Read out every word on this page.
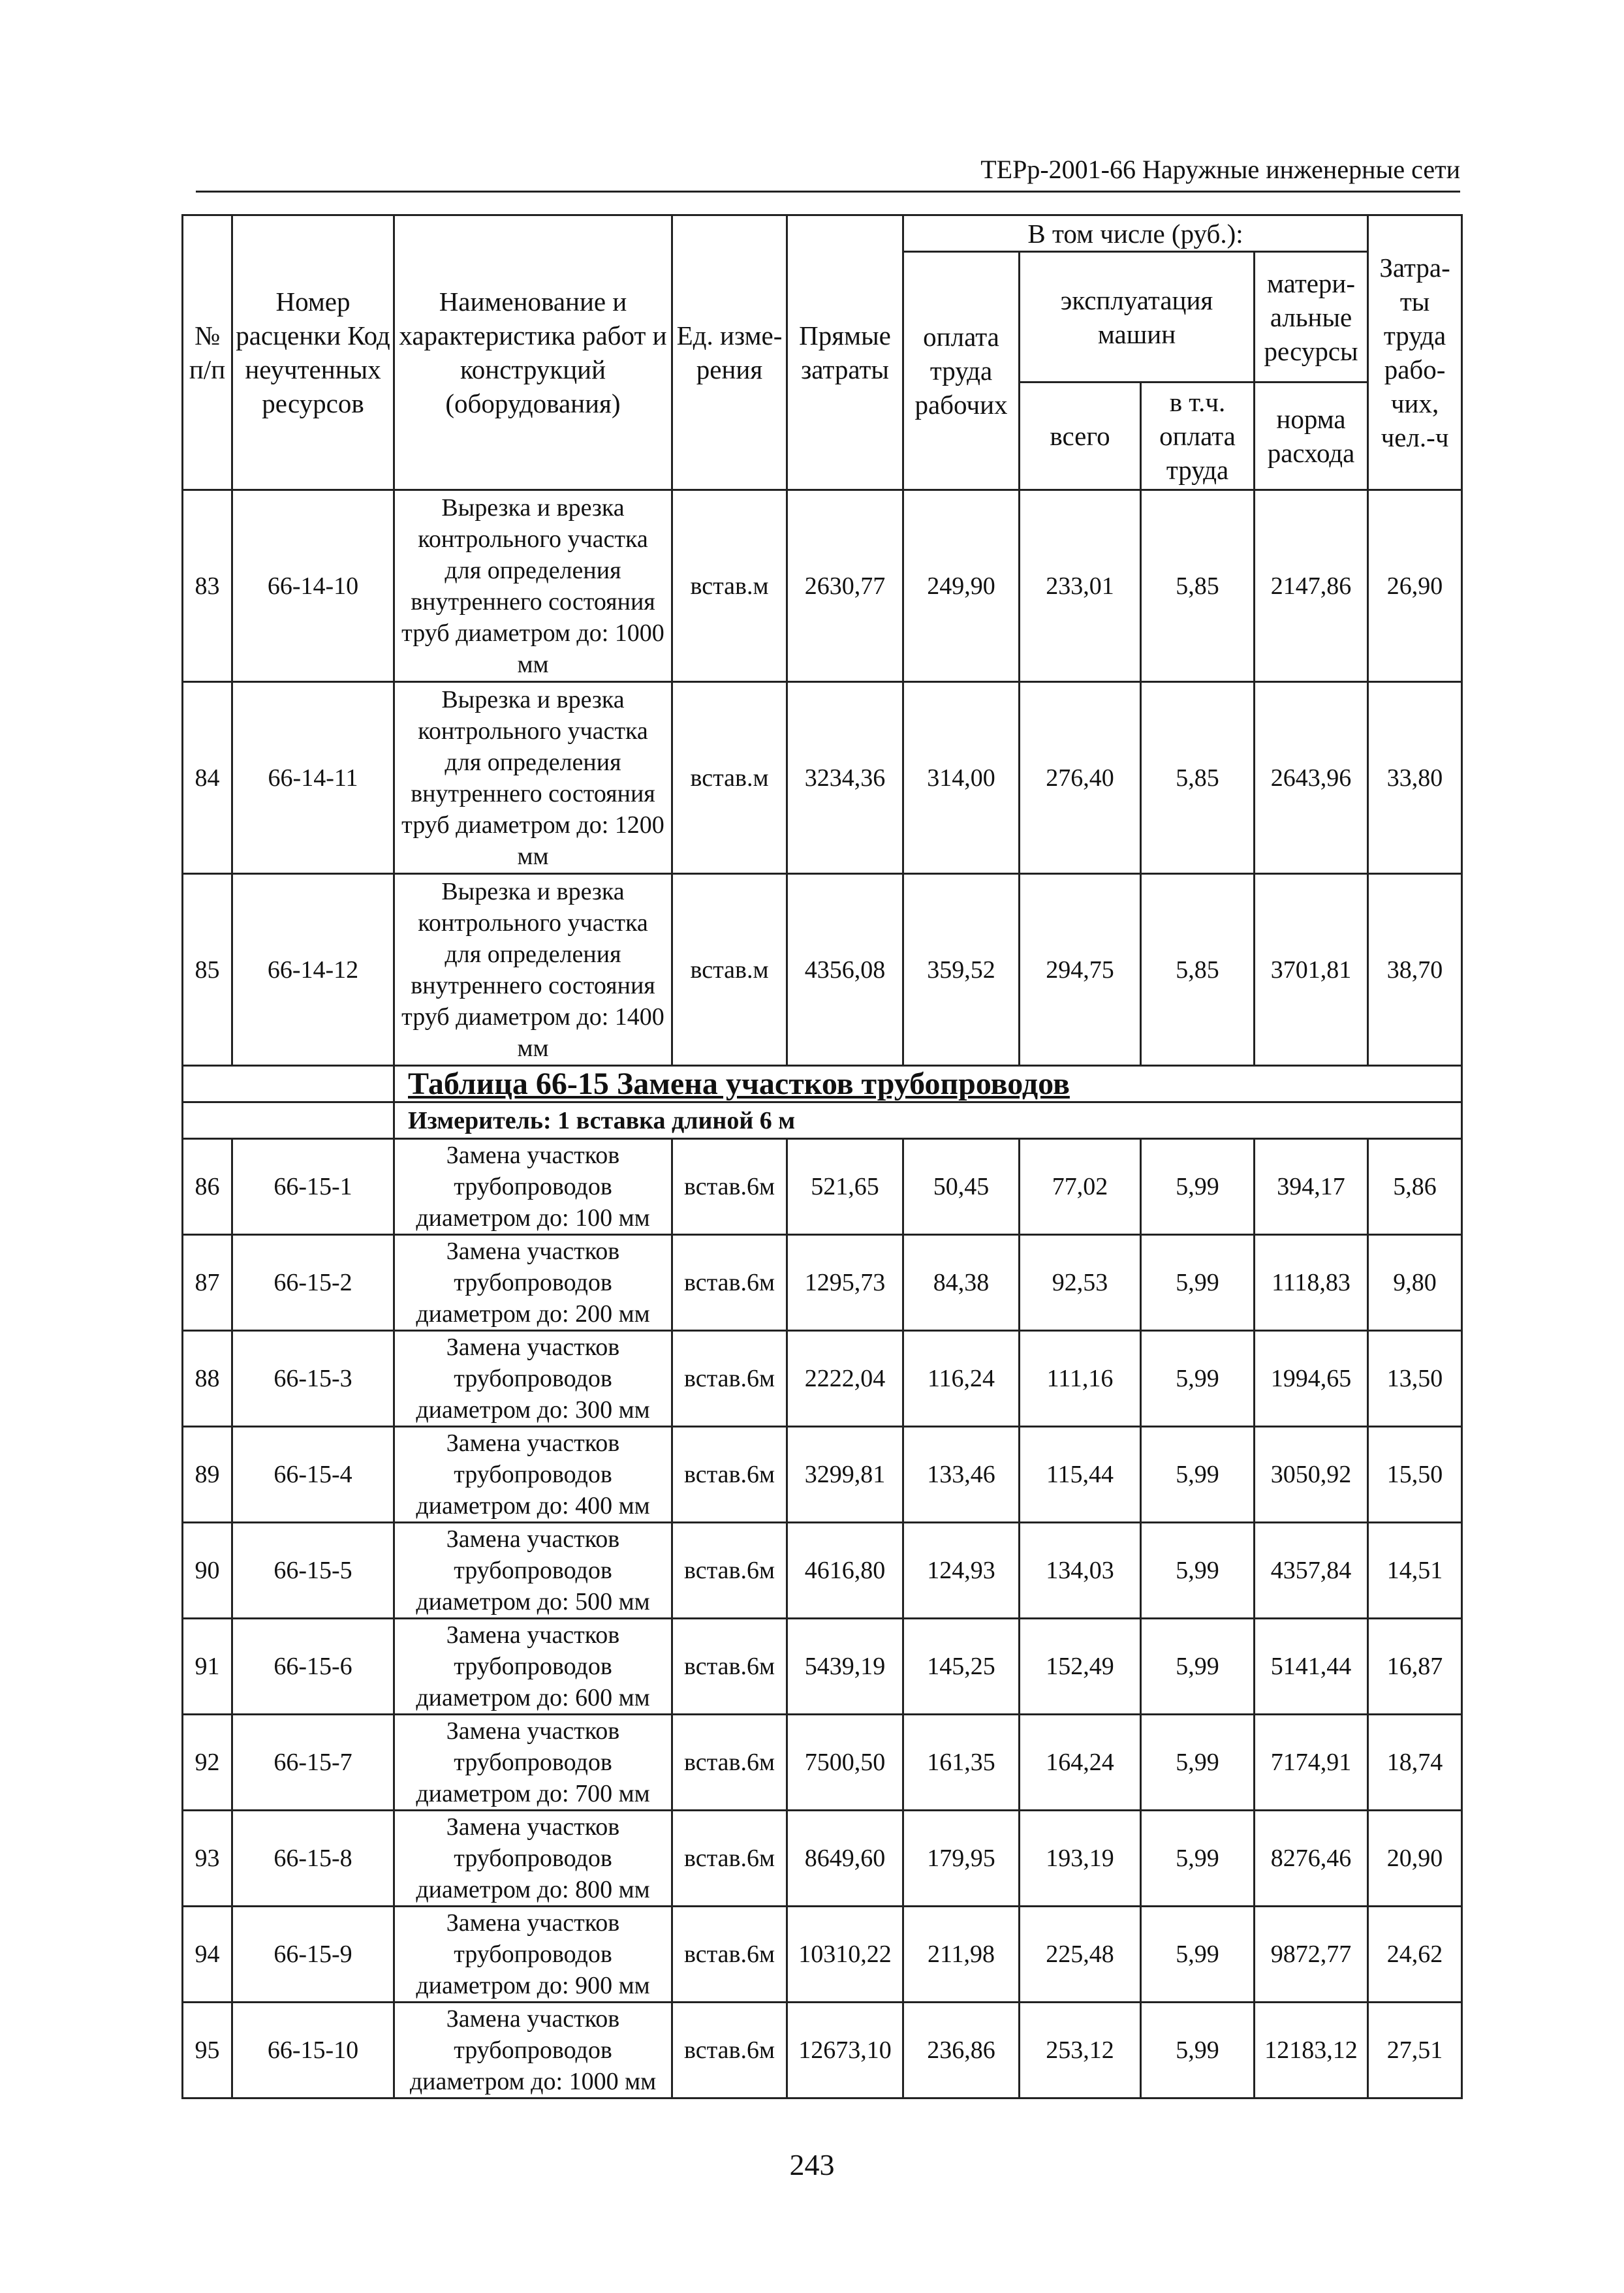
ТЕРр-2001-66 Наружные инженерные сети
№ п/п	Номер расценки Код неучтенных ресурсов	Наименование и характеристика работ и конструкций (оборудования)	Ед. изме-рения	Прямые затраты	В том числе (руб.):				Затра-ты труда рабо-чих, чел.-ч
					оплата труда рабочих	эксплуатация машин		матери-альные ресурсы	
						всего	в т.ч. оплата труда	норма расхода	
83	66-14-10	Вырезка и врезка контрольного участка для определения внутреннего состояния труб диаметром до: 1000 мм	встав.м	2630,77	249,90	233,01	5,85	2147,86	26,90
84	66-14-11	Вырезка и врезка контрольного участка для определения внутреннего состояния труб диаметром до: 1200 мм	встав.м	3234,36	314,00	276,40	5,85	2643,96	33,80
85	66-14-12	Вырезка и врезка контрольного участка для определения внутреннего состояния труб диаметром до: 1400 мм	встав.м	4356,08	359,52	294,75	5,85	3701,81	38,70
		Таблица 66-15 Замена участков трубопроводов							
		Измеритель: 1 вставка длиной 6 м							
86	66-15-1	Замена участков трубопроводов диаметром до: 100 мм	встав.6м	521,65	50,45	77,02	5,99	394,17	5,86
87	66-15-2	Замена участков трубопроводов диаметром до: 200 мм	встав.6м	1295,73	84,38	92,53	5,99	1118,83	9,80
88	66-15-3	Замена участков трубопроводов диаметром до: 300 мм	встав.6м	2222,04	116,24	111,16	5,99	1994,65	13,50
89	66-15-4	Замена участков трубопроводов диаметром до: 400 мм	встав.6м	3299,81	133,46	115,44	5,99	3050,92	15,50
90	66-15-5	Замена участков трубопроводов диаметром до: 500 мм	встав.6м	4616,80	124,93	134,03	5,99	4357,84	14,51
91	66-15-6	Замена участков трубопроводов диаметром до: 600 мм	встав.6м	5439,19	145,25	152,49	5,99	5141,44	16,87
92	66-15-7	Замена участков трубопроводов диаметром до: 700 мм	встав.6м	7500,50	161,35	164,24	5,99	7174,91	18,74
93	66-15-8	Замена участков трубопроводов диаметром до: 800 мм	встав.6м	8649,60	179,95	193,19	5,99	8276,46	20,90
94	66-15-9	Замена участков трубопроводов диаметром до: 900 мм	встав.6м	10310,22	211,98	225,48	5,99	9872,77	24,62
95	66-15-10	Замена участков трубопроводов диаметром до: 1000 мм	встав.6м	12673,10	236,86	253,12	5,99	12183,12	27,51
243
